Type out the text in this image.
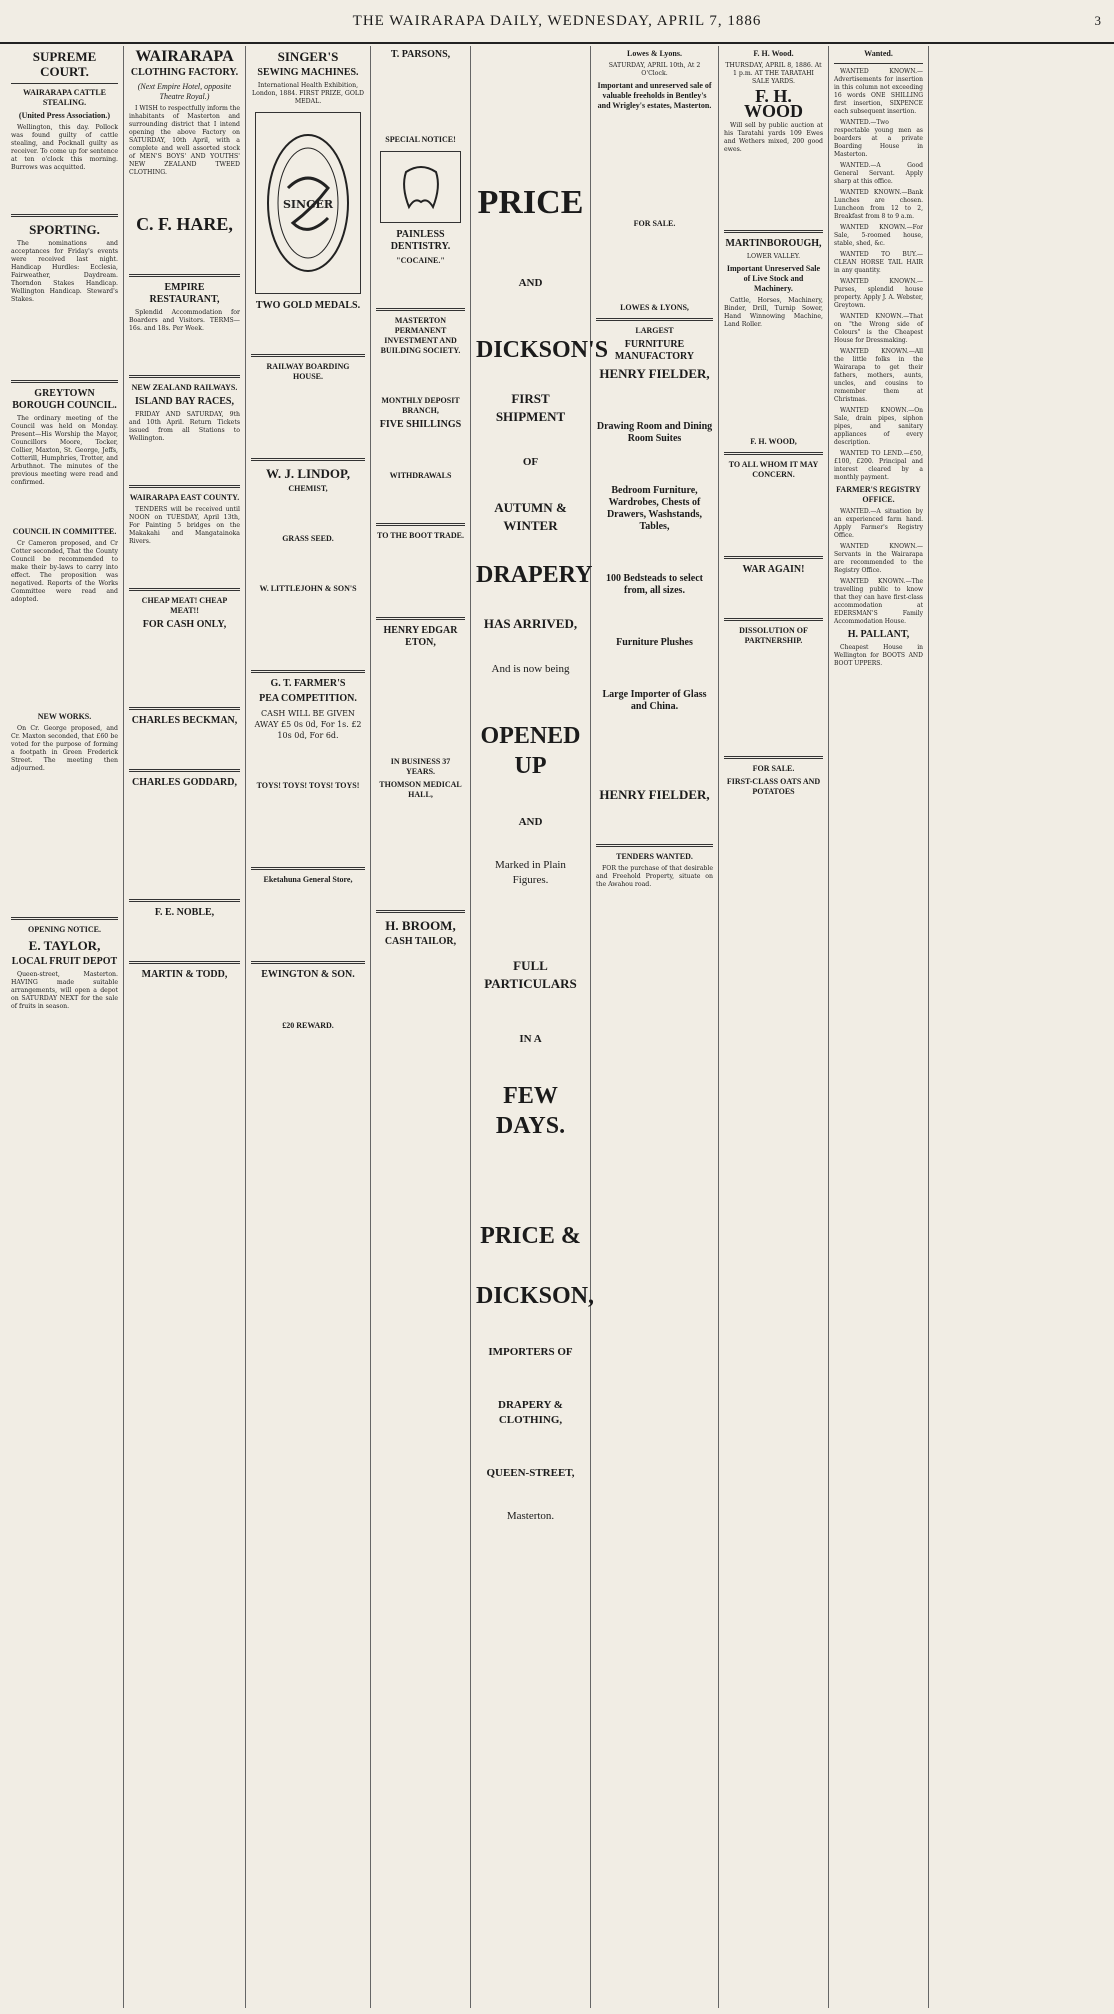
THE WAIRARAPA DAILY, WEDNESDAY, APRIL 7, 1886	3
SUPREME COURT.
WAIRARAPA CATTLE STEALING.
(United Press Association.)

Wellington, this day. Pollock was found guilty of cattle stealing, and Pocknall guilty as receiver. To come up for sentence at ten o'clock this morning. Burrows was acquitted.

SPORTING.

The nominations and acceptances for Friday's events were received last night. Handicap Hurdles: Ecclesia, Fairweather, Daydream. Thorndon Stakes Handicap. Wellington Handicap. Steward's Stakes.

GREYTOWN BOROUGH COUNCIL.

The ordinary meeting of the Council was held on Monday. Present—His Worship the Mayor, Councillors Moore, Tocker, Collier, Maxton, St. George, Jeffs, Cotterill, Humphries, Trotter, and Arbuthnot. The minutes of the previous meeting were read and confirmed.

COUNCIL IN COMMITTEE.

Cr Cameron proposed, and Cr Cotter seconded, That the County Council be recommended to make their by-laws to carry into effect. The proposition was negatived. Reports of the Works Committee were read and adopted.

NEW WORKS.

On Cr. George proposed, and Cr. Maxton seconded, that £60 be voted for the purpose of forming a footpath in Green Frederick Street. The meeting then adjourned.

OPENING NOTICE.
E. TAYLOR,
LOCAL FRUIT DEPOT

Queen-street, Masterton. HAVING made suitable arrangements, will open a depot on SATURDAY NEXT for the sale of fruits in season.

WAIRARAPA
CLOTHING FACTORY.
(Next Empire Hotel, opposite Theatre Royal.)

I WISH to respectfully inform the inhabitants of Masterton and surrounding district that I intend opening the above Factory on SATURDAY, 10th April, with a complete and well assorted stock of MEN'S BOYS' AND YOUTHS' NEW ZEALAND TWEED CLOTHING.

C. F. HARE,
EMPIRE RESTAURANT,

Splendid Accommodation for Boarders and Visitors. TERMS—16s. and 18s. Per Week.

NEW ZEALAND RAILWAYS.
ISLAND BAY RACES,

FRIDAY AND SATURDAY, 9th and 10th April. Return Tickets issued from all Stations to Wellington.

WAIRARAPA EAST COUNTY.

TENDERS will be received until NOON on TUESDAY, April 13th, For Painting 5 bridges on the Makakahi and Mangatainoka Rivers.

CHEAP MEAT! CHEAP MEAT!!
FOR CASH ONLY,
CHARLES BECKMAN,
CHARLES GODDARD,
F. E. NOBLE,
MARTIN & TODD,
SINGER'S
SEWING MACHINES.

International Health Exhibition, London, 1884. FIRST PRIZE, GOLD MEDAL.

SINGER
TWO GOLD MEDALS.
RAILWAY BOARDING HOUSE.
W. J. LINDOP,
CHEMIST,
GRASS SEED.
W. LITTLEJOHN & SON'S
G. T. FARMER'S
PEA COMPETITION.

CASH WILL BE GIVEN AWAY £5 0s 0d, For 1s. £2 10s 0d, For 6d.

TOYS! TOYS! TOYS! TOYS!
Eketahuna General Store,
EWINGTON & SON.
£20 REWARD.
T. PARSONS,
SPECIAL NOTICE!
PAINLESS DENTISTRY.
"COCAINE."
MASTERTON PERMANENT INVESTMENT AND BUILDING SOCIETY.
MONTHLY DEPOSIT BRANCH,
FIVE SHILLINGS
WITHDRAWALS
TO THE BOOT TRADE.
HENRY EDGAR ETON,
IN BUSINESS 37 YEARS.
THOMSON MEDICAL HALL,
H. BROOM,
CASH TAILOR,
PRICE
AND
DICKSON'S
FIRST SHIPMENT
OF
AUTUMN & WINTER
DRAPERY
HAS ARRIVED,
And is now being
OPENED UP
AND
Marked in Plain Figures.
FULL PARTICULARS
IN A
FEW DAYS.
PRICE &
DICKSON,
IMPORTERS OF
DRAPERY & CLOTHING,
QUEEN-STREET,
Masterton.
Lowes & Lyons.

SATURDAY, APRIL 10th, At 2 O'Clock.

Important and unreserved sale of valuable freeholds in Bentley's and Wrigley's estates, Masterton.
FOR SALE.
LOWES & LYONS,
LARGEST
FURNITURE MANUFACTORY
HENRY FIELDER,
Drawing Room and Dining Room Suites
Bedroom Furniture, Wardrobes, Chests of Drawers, Washstands, Tables,
100 Bedsteads to select from, all sizes.
Furniture Plushes
Large Importer of Glass and China.
HENRY FIELDER,
TENDERS WANTED.

FOR the purchase of that desirable and Freehold Property, situate on the Awahou road.

F. H. Wood.

THURSDAY, APRIL 8, 1886. At 1 p.m. AT THE TARATAHI SALE YARDS.

F. H. WOOD

Will sell by public auction at his Taratahi yards 109 Ewes and Wethers mixed, 200 good ewes.

MARTINBOROUGH,

LOWER VALLEY.

Important Unreserved Sale of Live Stock and Machinery.

Cattle, Horses, Machinery, Binder, Drill, Turnip Sower, Hand Winnowing Machine, Land Roller.

F. H. WOOD,
TO ALL WHOM IT MAY CONCERN.
WAR AGAIN!
DISSOLUTION OF PARTNERSHIP.
FOR SALE.
FIRST-CLASS OATS AND POTATOES
Wanted.

WANTED KNOWN.—Advertisements for insertion in this column not exceeding 16 words ONE SHILLING first insertion, SIXPENCE each subsequent insertion.

WANTED.—Two respectable young men as boarders at a private Boarding House in Masterton.

WANTED.—A Good General Servant. Apply sharp at this office.

WANTED KNOWN.—Bank Lunches are chosen. Luncheon from 12 to 2, Breakfast from 8 to 9 a.m.

WANTED KNOWN.—For Sale, 5-roomed house, stable, shed, &c.

WANTED TO BUY.—CLEAN HORSE TAIL HAIR in any quantity.

WANTED KNOWN.—Purses, splendid house property. Apply J. A. Webster, Greytown.

WANTED KNOWN.—That on "the Wrong side of Colours" is the Cheapest House for Dressmaking.

WANTED KNOWN.—All the little folks in the Wairarapa to get their fathers, mothers, aunts, uncles, and cousins to remember them at Christmas.

WANTED KNOWN.—On Sale, drain pipes, siphon pipes, and sanitary appliances of every description.

WANTED TO LEND.—£50, £100, £200. Principal and interest cleared by a monthly payment.

FARMER'S REGISTRY OFFICE.

WANTED.—A situation by an experienced farm hand. Apply Farmer's Registry Office.

WANTED KNOWN.—Servants in the Wairarapa are recommended to the Registry Office.

WANTED KNOWN.—The travelling public to know that they can have first-class accommodation at EDERSMAN'S Family Accommodation House.

H. PALLANT,

Cheapest House in Wellington for BOOTS AND BOOT UPPERS.
